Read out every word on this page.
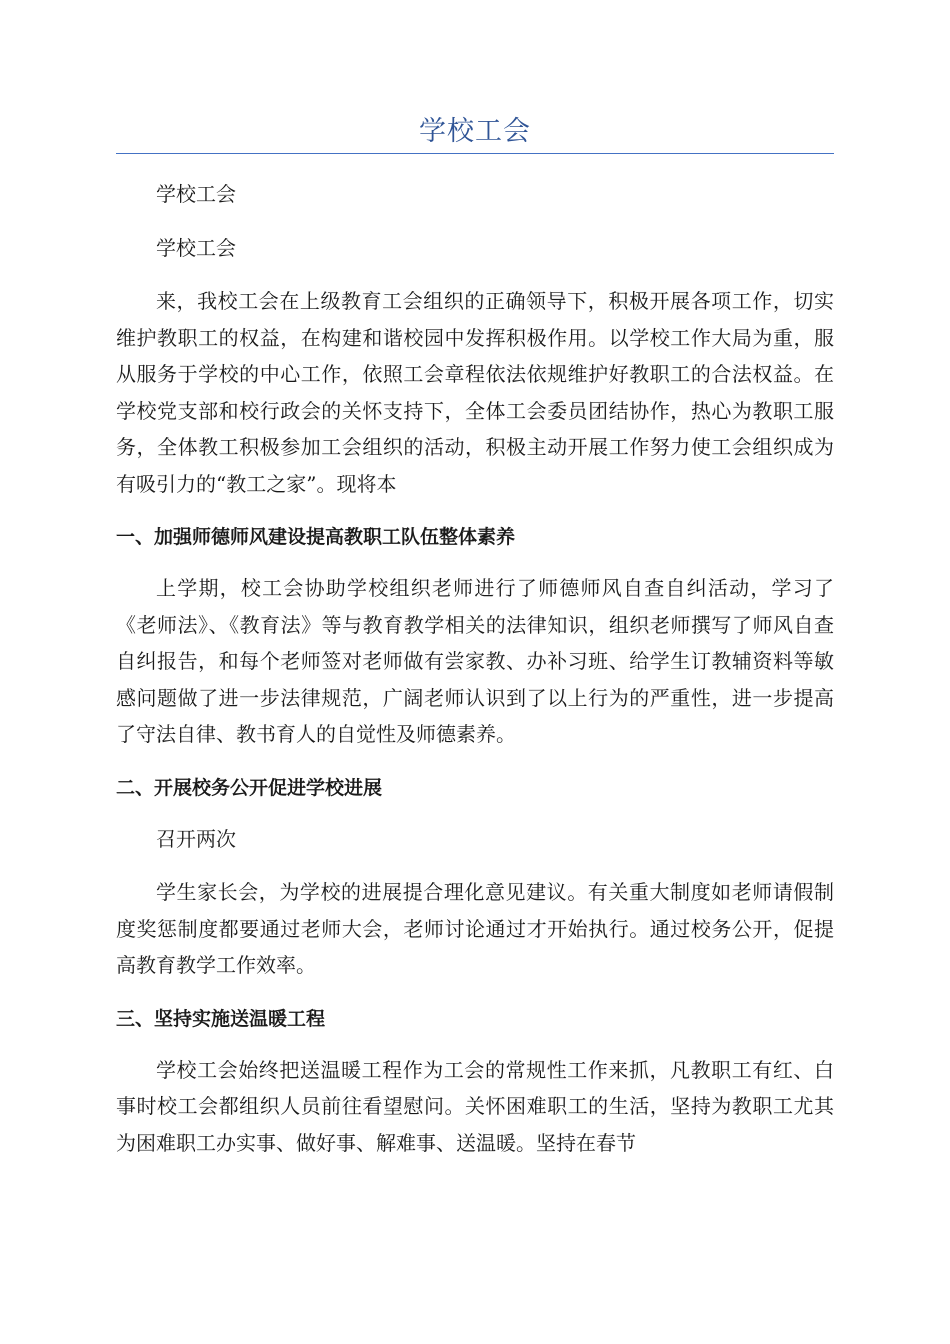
学校工会

学校工会

学校工会

来，我校工会在上级教育工会组织的正确领导下，积极开展各项工作，切实维护教职工的权益，在构建和谐校园中发挥积极作用。以学校工作大局为重，服从服务于学校的中心工作，依照工会章程依法依规维护好教职工的合法权益。在学校党支部和校行政会的关怀支持下，全体工会委员团结协作，热心为教职工服务，全体教工积极参加工会组织的活动，积极主动开展工作努力使工会组织成为有吸引力的“教工之家”。现将本

一、加强师德师风建设提高教职工队伍整体素养

上学期，校工会协助学校组织老师进行了师德师风自查自纠活动，学习了《老师法》、《教育法》等与教育教学相关的法律知识，组织老师撰写了师风自查自纠报告，和每个老师签对老师做有尝家教、办补习班、给学生订教辅资料等敏感问题做了进一步法律规范，广阔老师认识到了以上行为的严重性，进一步提高了守法自律、教书育人的自觉性及师德素养。

二、开展校务公开促进学校进展

召开两次

学生家长会，为学校的进展提合理化意见建议。有关重大制度如老师请假制度奖惩制度都要通过老师大会，老师讨论通过才开始执行。通过校务公开，促提高教育教学工作效率。

三、坚持实施送温暖工程

学校工会始终把送温暖工程作为工会的常规性工作来抓，凡教职工有红、白事时校工会都组织人员前往看望慰问。关怀困难职工的生活，坚持为教职工尤其为困难职工办实事、做好事、解难事、送温暖。坚持在春节
